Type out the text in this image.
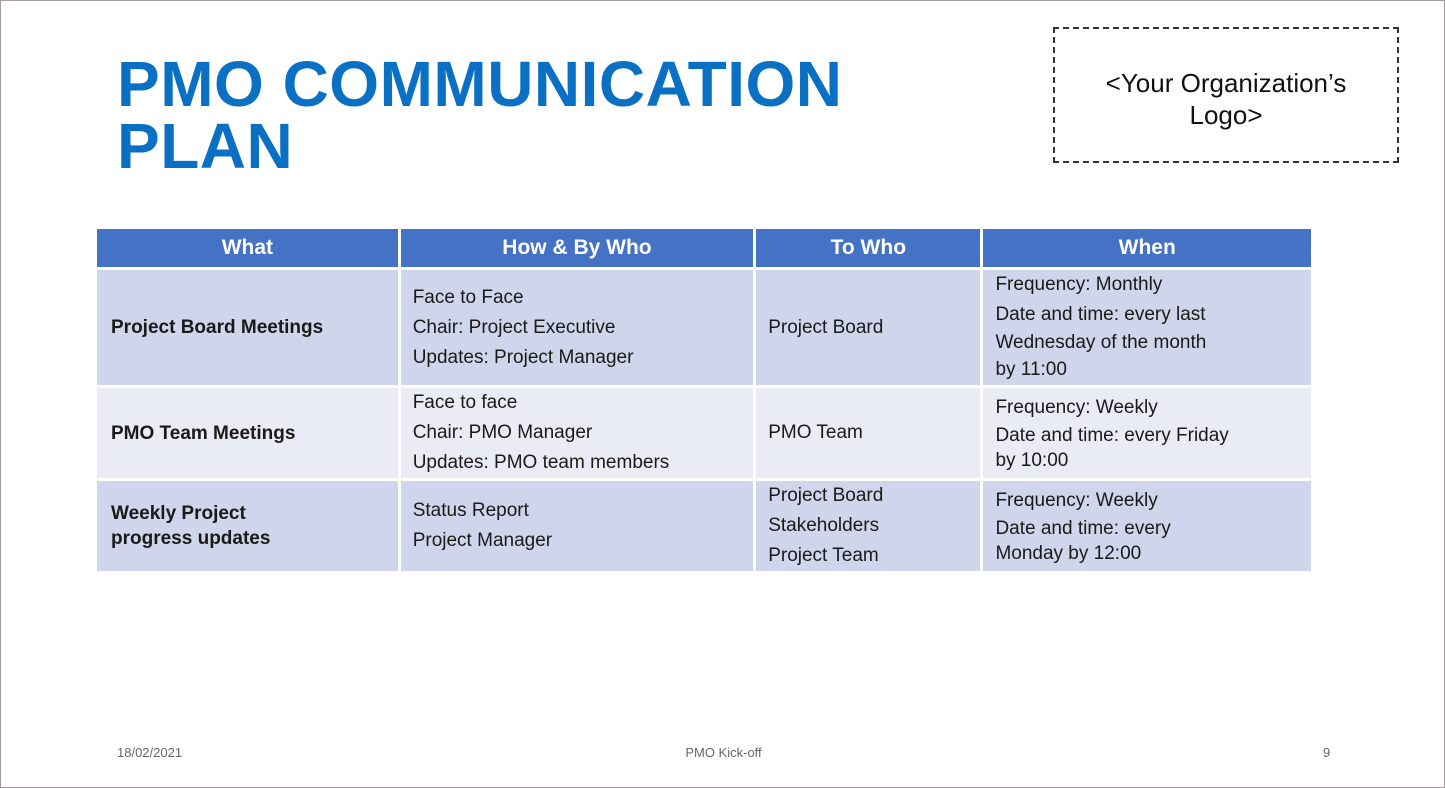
PMO COMMUNICATION
PLAN
<Your Organization’s
Logo>
What	How & By Who	To Who	When

Project Board Meetings	Face to Face
Chair: Project Executive
Updates: Project Manager	Project Board	Frequency: Monthly
Date and time: every last
Wednesday of the month
by 11:00

PMO Team Meetings	Face to face
Chair: PMO Manager
Updates: PMO team members	PMO Team	Frequency: Weekly
Date and time: every Friday
by 10:00

Weekly Project
progress updates	Status Report
Project Manager	Project Board
Stakeholders
Project Team	Frequency: Weekly
Date and time: every
Monday by 12:00
18/02/2021	PMO Kick-off	9
